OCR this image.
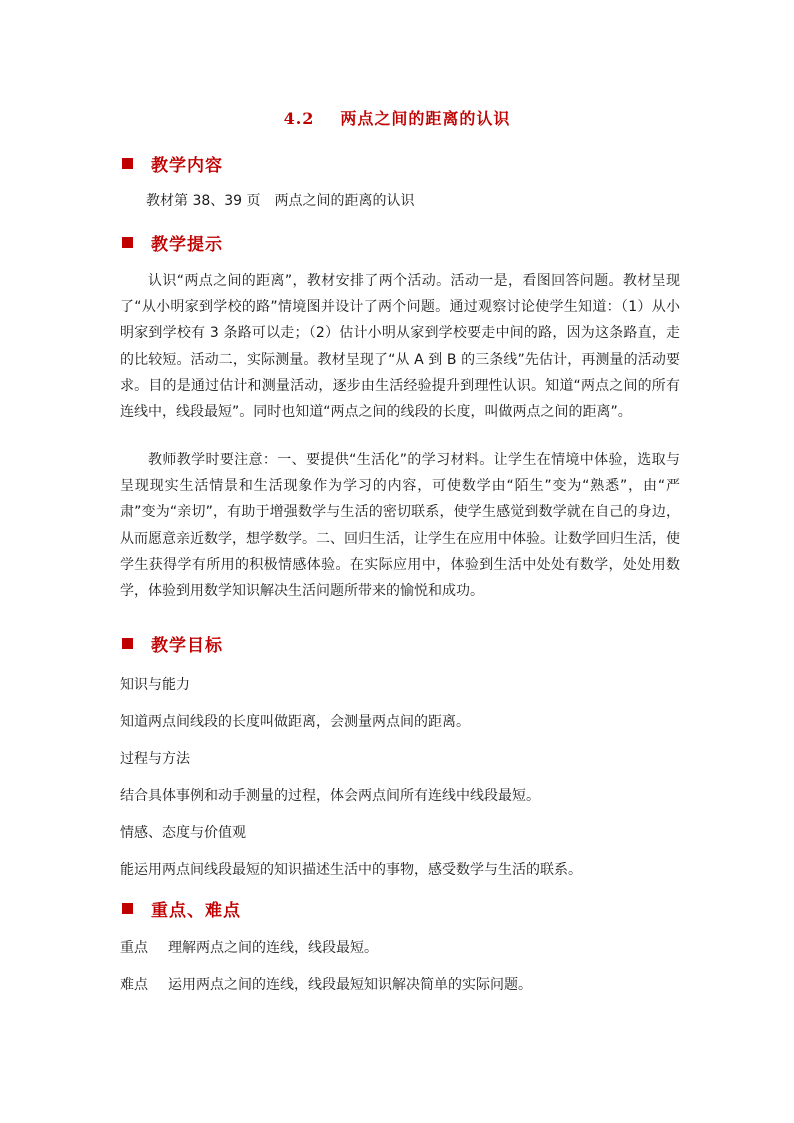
4.2 两点之间的距离的认识
教学内容
教材第 38、39 页 两点之间的距离的认识
教学提示

认识“两点之间的距离”，教材安排了两个活动。活动一是，看图回答问题。教材呈现了“从小明家到学校的路”情境图并设计了两个问题。通过观察讨论使学生知道：（1）从小明家到学校有 3 条路可以走；（2）估计小明从家到学校要走中间的路，因为这条路直，走的比较短。活动二，实际测量。教材呈现了“从 A 到 B 的三条线”先估计，再测量的活动要求。目的是通过估计和测量活动，逐步由生活经验提升到理性认识。知道“两点之间的所有连线中，线段最短”。同时也知道“两点之间的线段的长度，叫做两点之间的距离”。

教师教学时要注意：一、要提供“生活化”的学习材料。让学生在情境中体验，选取与呈现现实生活情景和生活现象作为学习的内容，可使数学由“陌生”变为“熟悉”，由“严肃”变为“亲切”，有助于增强数学与生活的密切联系，使学生感觉到数学就在自己的身边，从而愿意亲近数学，想学数学。二、回归生活，让学生在应用中体验。让数学回归生活，使学生获得学有所用的积极情感体验。在实际应用中，体验到生活中处处有数学，处处用数学，体验到用数学知识解决生活问题所带来的愉悦和成功。

教学目标
知识与能力
知道两点间线段的长度叫做距离，会测量两点间的距离。
过程与方法
结合具体事例和动手测量的过程，体会两点间所有连线中线段最短。
情感、态度与价值观
能运用两点间线段最短的知识描述生活中的事物，感受数学与生活的联系。
重点、难点
重点 理解两点之间的连线，线段最短。
难点 运用两点之间的连线，线段最短知识解决简单的实际问题。
